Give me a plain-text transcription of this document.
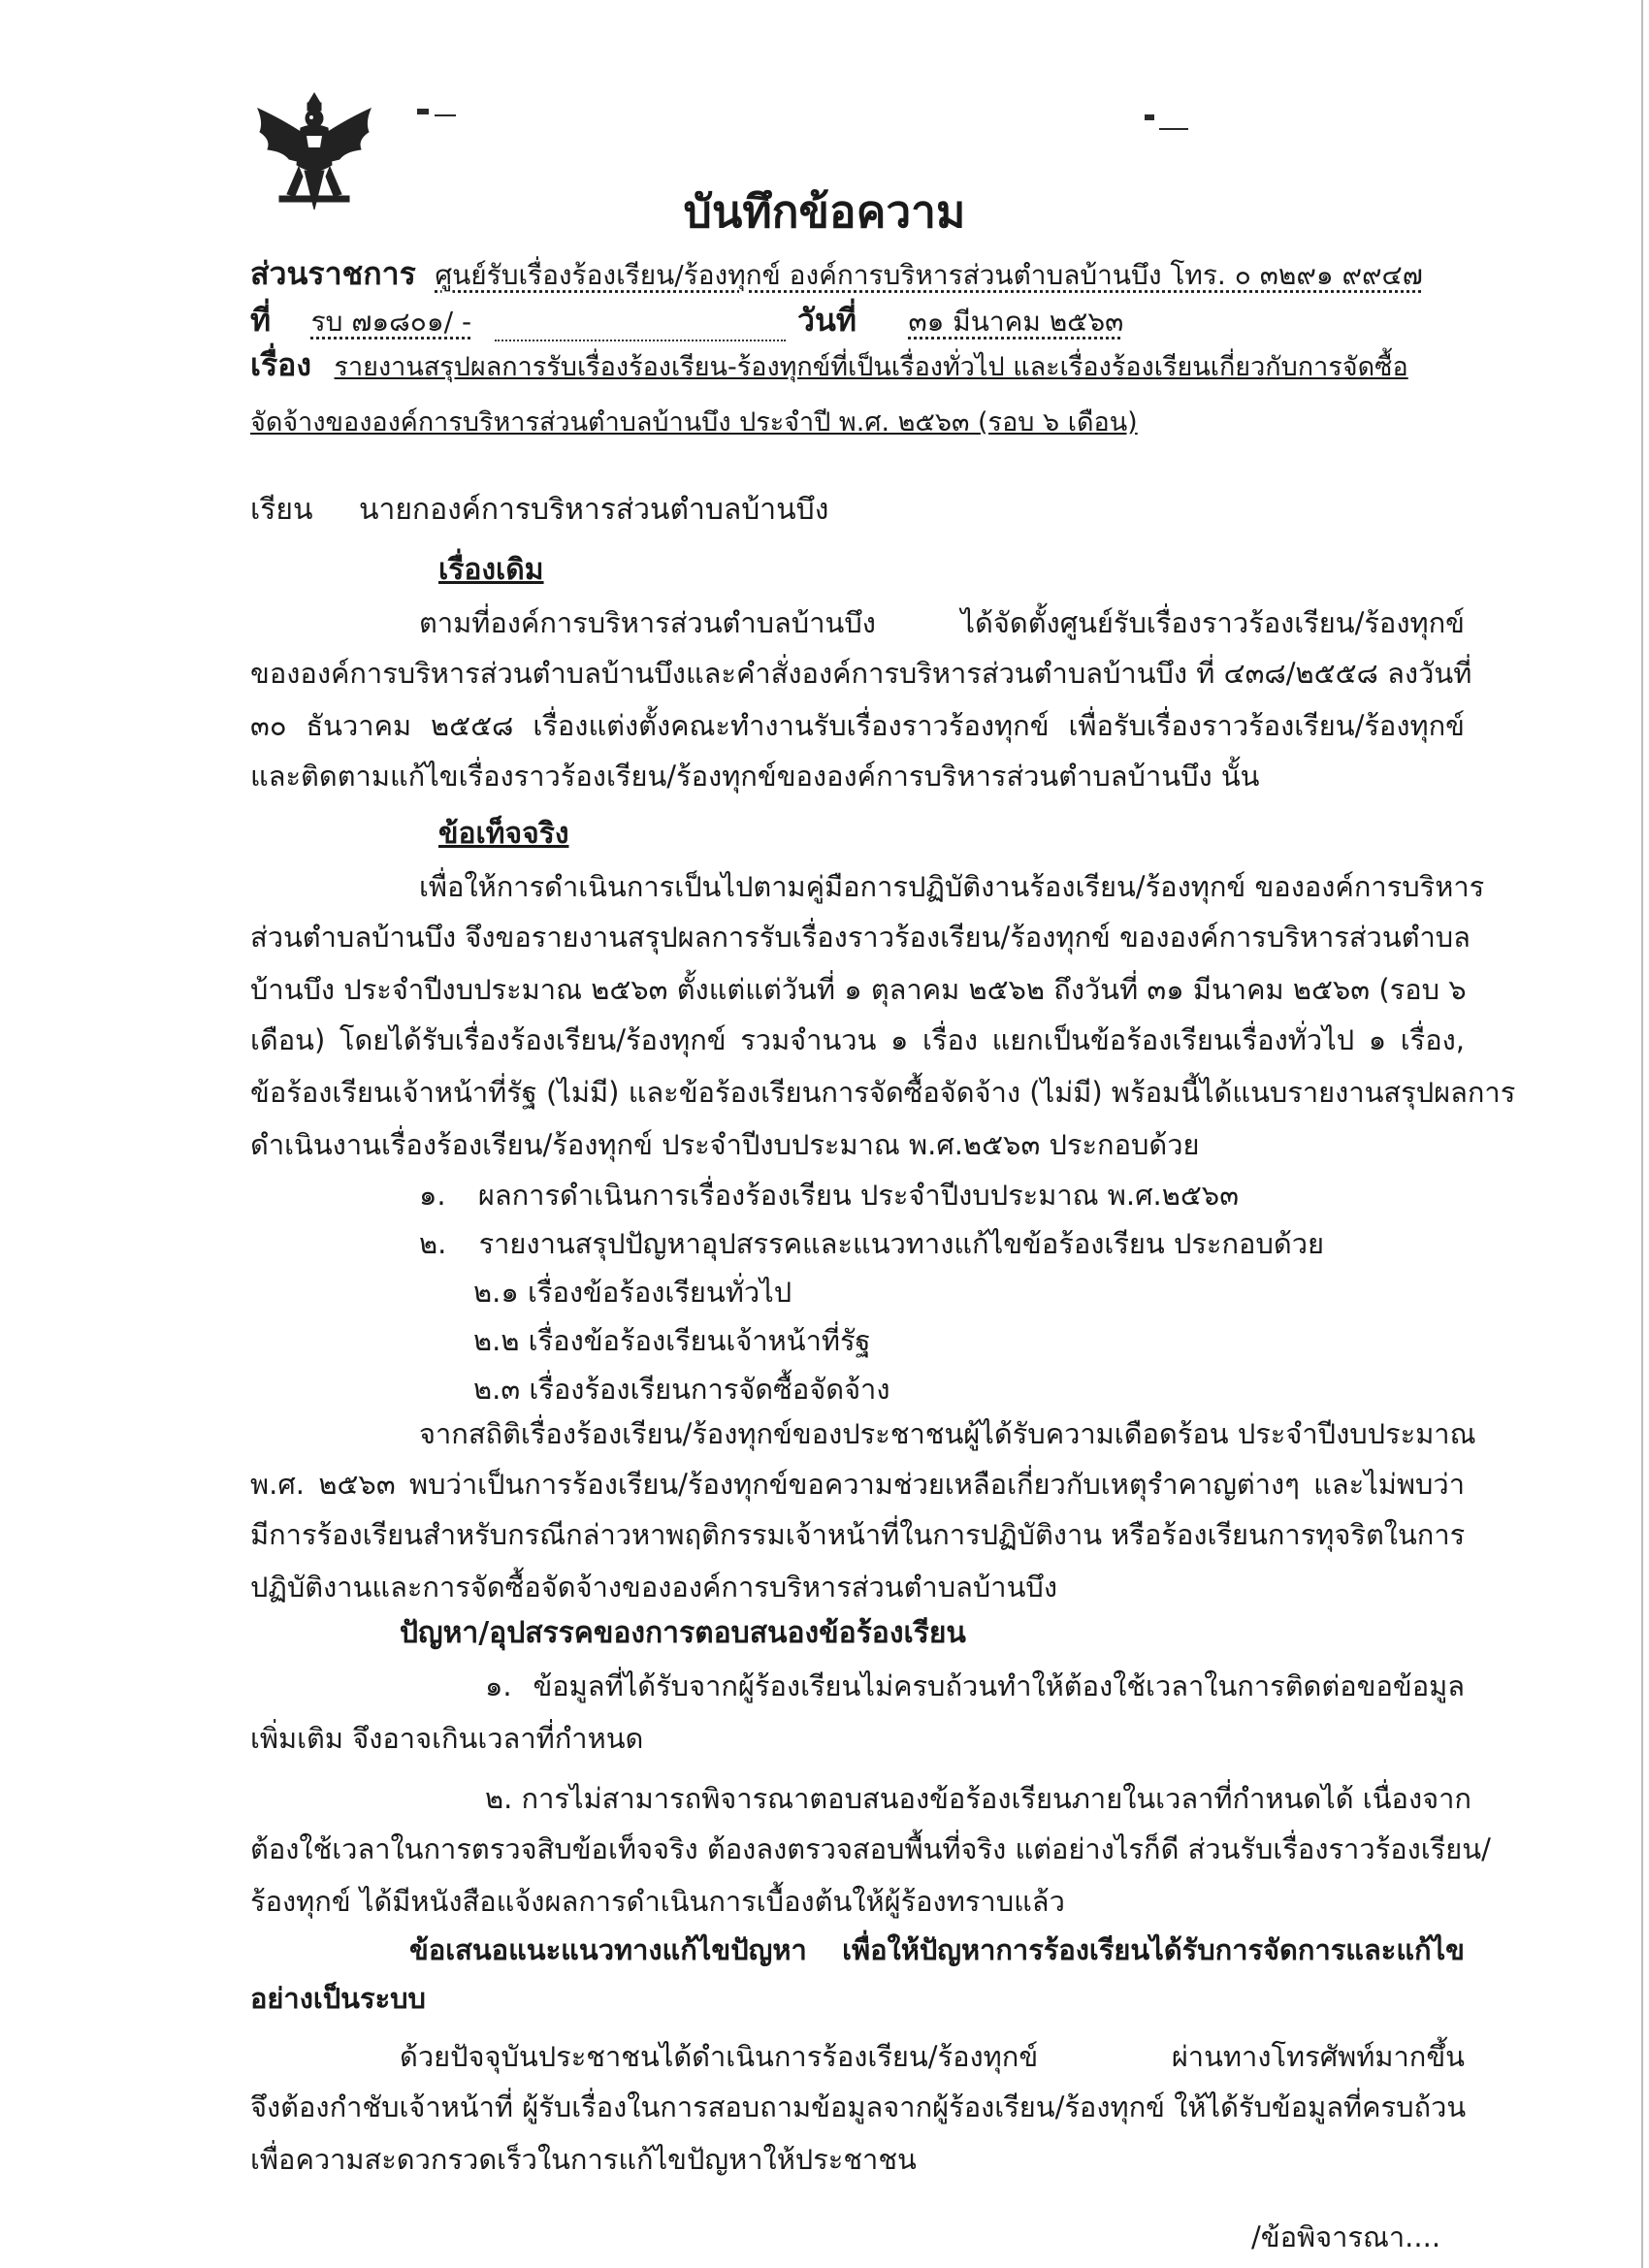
บันทึกข้อความ
ส่วนราชการ ศูนย์รับเรื่องร้องเรียน/ร้องทุกข์ องค์การบริหารส่วนตำบลบ้านบึง โทร. ๐ ๓๒๙๑ ๙๙๔๗
ที่ รบ ๗๑๘๐๑/ -	วันที่ ๓๑ มีนาคม ๒๕๖๓
เรื่อง รายงานสรุปผลการรับเรื่องร้องเรียน-ร้องทุกข์ที่เป็นเรื่องทั่วไป และเรื่องร้องเรียนเกี่ยวกับการจัดซื้อ
จัดจ้างขององค์การบริหารส่วนตำบลบ้านบึง ประจำปี พ.ศ. ๒๕๖๓ (รอบ ๖ เดือน)
เรียน นายกองค์การบริหารส่วนตำบลบ้านบึง
เรื่องเดิม
ตามที่องค์การบริหารส่วนตำบลบ้านบึง ได้จัดตั้งศูนย์รับเรื่องราวร้องเรียน/ร้องทุกข์
ขององค์การบริหารส่วนตำบลบ้านบึงและคำสั่งองค์การบริหารส่วนตำบลบ้านบึง ที่ ๔๓๘/๒๕๕๘ ลงวันที่
๓๐ ธันวาคม ๒๕๕๘ เรื่องแต่งตั้งคณะทำงานรับเรื่องราวร้องทุกข์ เพื่อรับเรื่องราวร้องเรียน/ร้องทุกข์
และติดตามแก้ไขเรื่องราวร้องเรียน/ร้องทุกข์ขององค์การบริหารส่วนตำบลบ้านบึง นั้น
ข้อเท็จจริง
เพื่อให้การดำเนินการเป็นไปตามคู่มือการปฏิบัติงานร้องเรียน/ร้องทุกข์ ขององค์การบริหาร
ส่วนตำบลบ้านบึง จึงขอรายงานสรุปผลการรับเรื่องราวร้องเรียน/ร้องทุกข์ ขององค์การบริหารส่วนตำบล
บ้านบึง ประจำปีงบประมาณ ๒๕๖๓ ตั้งแต่แต่วันที่ ๑ ตุลาคม ๒๕๖๒ ถึงวันที่ ๓๑ มีนาคม ๒๕๖๓ (รอบ ๖
เดือน) โดยได้รับเรื่องร้องเรียน/ร้องทุกข์ รวมจำนวน ๑ เรื่อง แยกเป็นข้อร้องเรียนเรื่องทั่วไป ๑ เรื่อง,
ข้อร้องเรียนเจ้าหน้าที่รัฐ (ไม่มี) และข้อร้องเรียนการจัดซื้อจัดจ้าง (ไม่มี) พร้อมนี้ได้แนบรายงานสรุปผลการ
ดำเนินงานเรื่องร้องเรียน/ร้องทุกข์ ประจำปีงบประมาณ พ.ศ.๒๕๖๓ ประกอบด้วย
๑. ผลการดำเนินการเรื่องร้องเรียน ประจำปีงบประมาณ พ.ศ.๒๕๖๓
๒. รายงานสรุปปัญหาอุปสรรคและแนวทางแก้ไขข้อร้องเรียน ประกอบด้วย
๒.๑ เรื่องข้อร้องเรียนทั่วไป
๒.๒ เรื่องข้อร้องเรียนเจ้าหน้าที่รัฐ
๒.๓ เรื่องร้องเรียนการจัดซื้อจัดจ้าง
จากสถิติเรื่องร้องเรียน/ร้องทุกข์ของประชาชนผู้ได้รับความเดือดร้อน ประจำปีงบประมาณ
พ.ศ. ๒๕๖๓ พบว่าเป็นการร้องเรียน/ร้องทุกข์ขอความช่วยเหลือเกี่ยวกับเหตุรำคาญต่างๆ และไม่พบว่า
มีการร้องเรียนสำหรับกรณีกล่าวหาพฤติกรรมเจ้าหน้าที่ในการปฏิบัติงาน หรือร้องเรียนการทุจริตในการ
ปฏิบัติงานและการจัดซื้อจัดจ้างขององค์การบริหารส่วนตำบลบ้านบึง
ปัญหา/อุปสรรคของการตอบสนองข้อร้องเรียน
๑. ข้อมูลที่ได้รับจากผู้ร้องเรียนไม่ครบถ้วนทำให้ต้องใช้เวลาในการติดต่อขอข้อมูล
เพิ่มเติม จึงอาจเกินเวลาที่กำหนด
๒. การไม่สามารถพิจารณาตอบสนองข้อร้องเรียนภายในเวลาที่กำหนดได้ เนื่องจาก
ต้องใช้เวลาในการตรวจสิบข้อเท็จจริง ต้องลงตรวจสอบพื้นที่จริง แต่อย่างไรก็ดี ส่วนรับเรื่องราวร้องเรียน/
ร้องทุกข์ ได้มีหนังสือแจ้งผลการดำเนินการเบื้องต้นให้ผู้ร้องทราบแล้ว
ข้อเสนอแนะแนวทางแก้ไขปัญหา เพื่อให้ปัญหาการร้องเรียนได้รับการจัดการและแก้ไข
อย่างเป็นระบบ
ด้วยปัจจุบันประชาชนได้ดำเนินการร้องเรียน/ร้องทุกข์ ผ่านทางโทรศัพท์มากขึ้น
จึงต้องกำชับเจ้าหน้าที่ ผู้รับเรื่องในการสอบถามข้อมูลจากผู้ร้องเรียน/ร้องทุกข์ ให้ได้รับข้อมูลที่ครบถ้วน
เพื่อความสะดวกรวดเร็วในการแก้ไขปัญหาให้ประชาชน
/ข้อพิจารณา....
